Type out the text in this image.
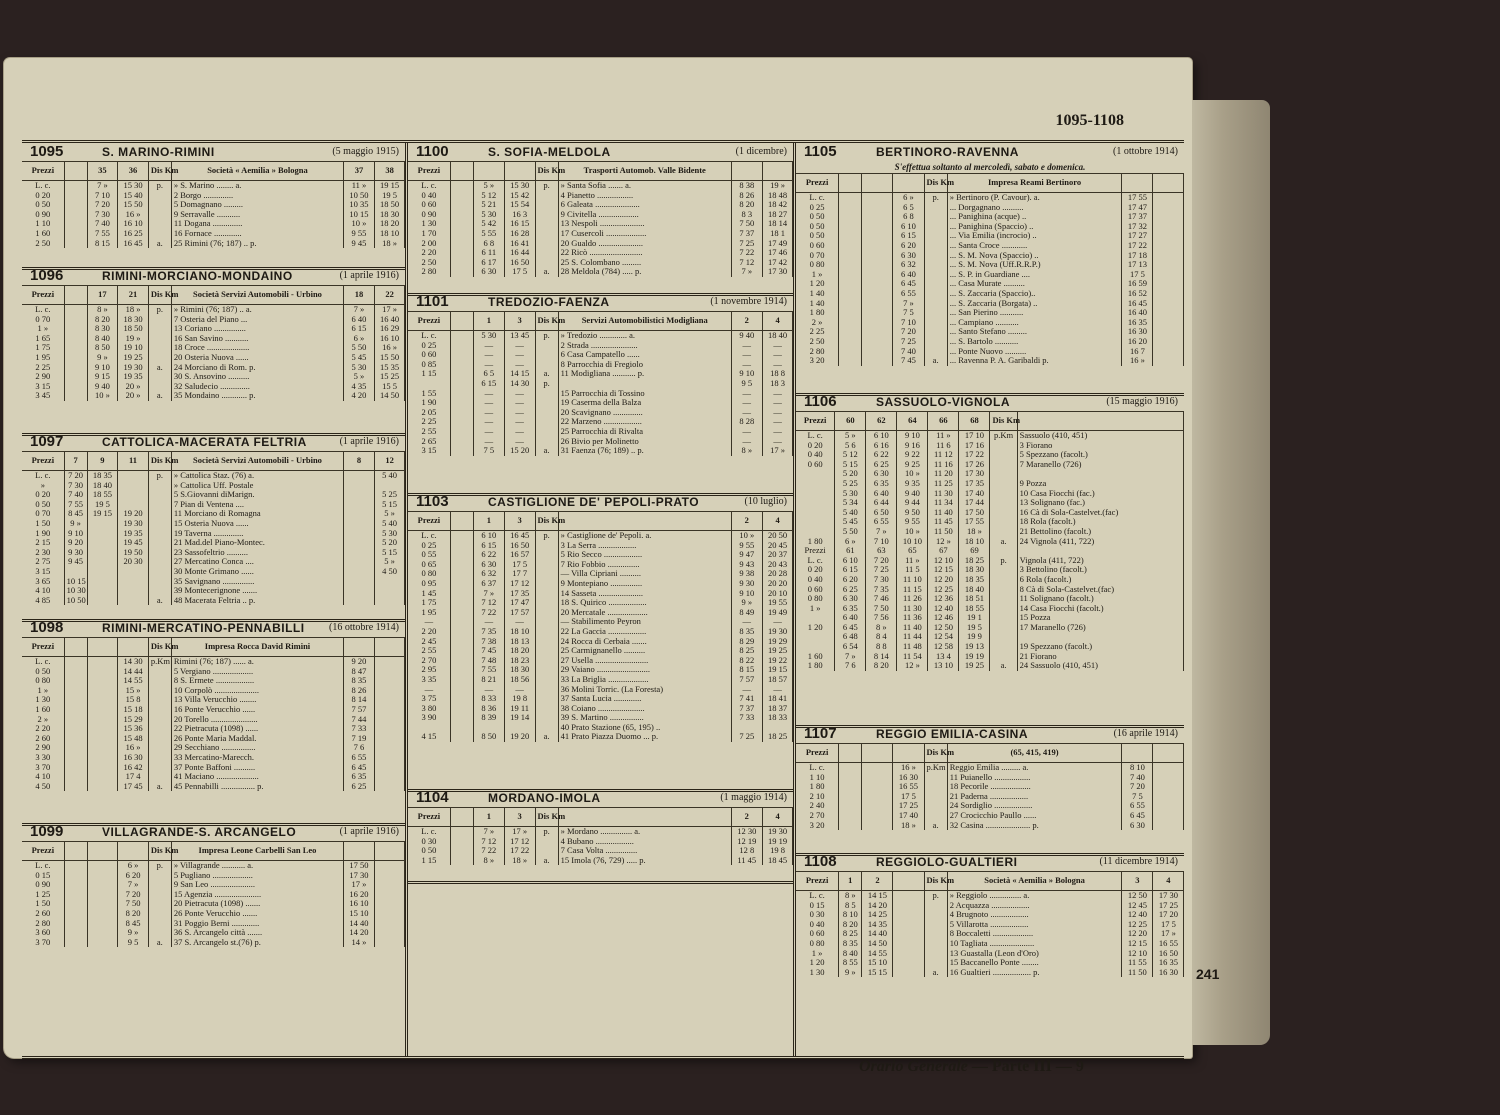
1095-1108
1095	S. MARINO-RIMINI	(5 maggio 1915)
Prezzi		35	36	Dis Km	Società « Aemilia » Bologna	37	38	
L. c.		7 »	15 30	p.	» S. Marino ........ a.	11 »	19 15	
0 20		7 10	15 40		2 Borgo ..............	10 50	19 5	
0 50		7 20	15 50		5 Domagnano .........	10 35	18 50	
0 90		7 30	16 »		9 Serravalle ...........	10 15	18 30	
1 10		7 40	16 10		11 Dogana ..............	10 »	18 20	
1 60		7 55	16 25		16 Fornace .............	9 55	18 10	
2 50		8 15	16 45	a.	25 Rimini (76; 187) .. p.	9 45	18 »	
1096	RIMINI-MORCIANO-MONDAINO	(1 aprile 1916)
Prezzi		17	21	Dis Km	Società Servizi Automobili - Urbino	18	22	
L. c.		8 »	18 »	p.	» Rimini (76; 187) .. a.	7 »	17 »	
0 70		8 20	18 30		7 Osteria del Piano ...	6 40	16 40	
1 »		8 30	18 50		13 Coriano ...............	6 15	16 29	
1 65		8 40	19 »		16 San Savino ...........	6 »	16 10	
1 75		8 50	19 10		18 Croce ....................	5 50	16 »	
1 95		9 »	19 25		20 Osteria Nuova ......	5 45	15 50	
2 25		9 10	19 30	a.	24 Morciano di Rom. p.	5 30	15 35	
2 90		9 15	19 35		30 S. Ansovino ..........	5 »	15 25	
3 15		9 40	20 »		32 Saludecio ..............	4 35	15 5	
3 45		10 »	20 »	a.	35 Mondaino ............ p.	4 20	14 50	
1097	CATTOLICA-MACERATA FELTRIA	(1 aprile 1916)
Prezzi	7	9	11	Dis Km	Società Servizi Automobili - Urbino	8	12	
L. c.	7 20	18 35		p.	» Cattolica Staz. (76) a.		5 40	
»	7 30	18 40			» Cattolica Uff. Postale			
0 20	7 40	18 55			5 S.Giovanni diMarign.		5 25	
0 50	7 55	19 5			7 Pian di Ventena ....		5 15	
0 70	8 45	19 15	19 20		11 Morciano di Romagna		5 »	
1 50	9 »		19 30		15 Osteria Nuova ......		5 40	
1 90	9 10		19 35		19 Taverna ..............		5 30	
2 15	9 20		19 45		21 Mad.del Piano-Montec.		5 20	
2 30	9 30		19 50		23 Sassofeltrio ..........		5 15	
2 75	9 45		20 30		27 Mercatino Conca ....		5 »	
3 15					30 Monte Grimano ......		4 50	
3 65	10 15				35 Savignano ...............			
4 10	10 30				39 Montecerignone .......			
4 85	10 50			a.	48 Macerata Feltria .. p.			
1098	RIMINI-MERCATINO-PENNABILLI (16 ottobre 1914)
Prezzi				Dis Km	Impresa Rocca David Rimini			
L. c.			14 30	p.Km	Rimini (76; 187) ...... a.	9 20		
0 50			14 44		5 Vergiano ...................	8 47		
0 80			14 55		8 S. Ermete ..................	8 35		
1 »			15 »		10 Corpolò .....................	8 26		
1 30			15 8		13 Villa Verucchio ........	8 14		
1 60			15 18		16 Ponte Verucchio ......	7 57		
2 »			15 29		20 Torello ......................	7 44		
2 20			15 36		22 Pietracuta (1098) ......	7 33		
2 60			15 48		26 Ponte Maria Maddal.	7 19		
2 90			16 »		29 Secchiano ................	7 6		
3 30			16 30		33 Mercatino-Marecch.	6 55		
3 70			16 42		37 Ponte Baffoni ..........	6 45		
4 10			17 4		41 Maciano ....................	6 35		
4 50			17 45	a.	45 Pennabilli ................ p.	6 25		
1099	VILLAGRANDE-S. ARCANGELO	(1 aprile 1916)
Prezzi				Dis Km	Impresa Leone Carbelli San Leo			
L. c.			6 »	p.	» Villagrande ........... a.	17 50		
0 15			6 20		5 Pugliano ...................	17 30		
0 90			7 »		9 San Leo .....................	17 »		
1 25			7 20		15 Agenzia ......................	16 20		
1 50			7 50		20 Pietracuta (1098) .......	16 10		
2 60			8 20		26 Ponte Verucchio .......	15 10		
2 80			8 45		31 Poggio Berni .............	14 40		
3 60			9 »		36 S. Arcangelo città .......	14 20		
3 70			9 5	a.	37 S. Arcangelo st.(76) p.	14 »		
1100	S. SOFIA-MELDOLA	(1 dicembre)
Prezzi				Dis Km	Trasporti Automob. Valle Bidente			
L. c.		5 »	15 30	p.	» Santa Sofia ....... a.	8 38	19 »	
0 40		5 12	15 42		4 Pianetto .................	8 26	18 48	
0 60		5 21	15 54		6 Galeata .....................	8 20	18 42	
0 90		5 30	16 3		9 Civitella ...................	8 3	18 27	
1 30		5 42	16 15		13 Nespoli .....................	7 50	18 14	
1 70		5 55	16 28		17 Cusercoli ...................	7 37	18 1	
2 00		6 8	16 41		20 Gualdo .....................	7 25	17 49	
2 20		6 11	16 44		22 Ricò .........................	7 22	17 46	
2 50		6 17	16 50		25 S. Colombano .........	7 12	17 42	
2 80		6 30	17 5	a.	28 Meldola (784) ..... p.	7 »	17 30	
1101	TREDOZIO-FAENZA	(1 novembre 1914)
Prezzi		1	3	Dis Km	Servizi Automobilistici Modigliana	2	4	
L. c.		5 30	13 45	p.	» Tredozio ............. a.	9 40	18 40	
0 25		—	—		2 Strada ......................	—	—	
0 60		—	—		6 Casa Campatello ......	—	—	
0 85		—	—		8 Parrocchia di Fregiolo	—	—	
1 15		6 5	14 15	a.	11 Modigliana ........... p.	9 10	18 8	
		6 15	14 30	p.		9 5	18 3	
1 55		—	—		15 Parrocchia di Tossino	—	—	
1 90		—	—		19 Caserma della Balza	—	—	
2 05		—	—		20 Scavignano ..............	—	—	
2 25		—	—		22 Marzeno ..................	8 28	—	
2 55		—	—		25 Parrocchia di Rivalta	—	—	
2 65		—	—		26 Bivio per Molinetto	—	—	
3 15		7 5	15 20	a.	31 Faenza (76; 189) .. p.	8 »	17 »	
1103	CASTIGLIONE DE' PEPOLI-PRATO	(10 luglio)
Prezzi		1	3	Dis Km		2	4	
L. c.		6 10	16 45	p.	» Castiglione de' Pepoli. a.	10 »	20 50	
0 25		6 15	16 50		3 La Serra ..................	9 55	20 45	
0 55		6 22	16 57		5 Rio Secco ..................	9 47	20 37	
0 65		6 30	17 5		7 Rio Fobbio ...............	9 43	20 43	
0 80		6 32	17 7		— Villa Cipriani ..........	9 38	20 28	
0 95		6 37	17 12		9 Montepiano ...............	9 30	20 20	
1 45		7 »	17 35		14 Sasseta .....................	9 10	20 10	
1 75		7 12	17 47		18 S. Quirico ..................	9 »	19 55	
1 95		7 22	17 57		20 Mercatale ...................	8 49	19 49	
—		—	—		— Stabilimento Peyron	—	—	
2 20		7 35	18 10		22 La Gaccia ..................	8 35	19 30	
2 45		7 38	18 13		24 Rocca di Cerbaia .......	8 29	19 29	
2 55		7 45	18 20		25 Carmignanello ..........	8 25	19 25	
2 70		7 48	18 23		27 Usella .........................	8 22	19 22	
2 95		7 55	18 30		29 Vaiano .........................	8 15	19 15	
3 35		8 21	18 56		33 La Briglia ...................	7 57	18 57	
—		—	—		36 Molini Torric. (La Foresta)	—	—	
3 75		8 33	19 8		37 Santa Lucia .............	7 41	18 41	
3 80		8 36	19 11		38 Coiano ......................	7 37	18 37	
3 90		8 39	19 14		39 S. Martino ................	7 33	18 33	
					40 Prato Stazione (65, 195) ..			
4 15		8 50	19 20	a.	41 Prato Piazza Duomo ... p.	7 25	18 25	
1104	MORDANO-IMOLA	(1 maggio 1914)
Prezzi		1	3	Dis Km		2	4	
L. c.		7 »	17 »	p.	» Mordano ............... a.	12 30	19 30	
0 30		7 12	17 12		4 Bubano ..................	12 19	19 19	
0 50		7 22	17 22		7 Casa Volta ...............	12 8	19 8	
1 15		8 »	18 »	a.	15 Imola (76, 729) ..... p.	11 45	18 45	
1105	BERTINORO-RAVENNA	(1 ottobre 1914)
S'effettua soltanto al mercoledì, sabato e domenica.
Prezzi				Dis Km	Impresa Reami Bertinoro			
L. c.			6 »	p.	» Bertinoro (P. Cavour). a.	17 55		
0 25			6 5		... Dorgagnano ..........	17 47		
0 50			6 8		... Panighina (acque) ..	17 37		
0 50			6 10		... Panighina (Spaccio) ..	17 32		
0 50			6 15		... Via Emilia (incrocio) ..	17 27		
0 60			6 20		... Santa Croce ............	17 22		
0 70			6 30		... S. M. Nova (Spaccio) ..	17 18		
0 80			6 32		... S. M. Nova (Uff.R.R.P.)	17 13		
1 »			6 40		... S. P. in Guardiane ....	17 5		
1 20			6 45		... Casa Murate ..........	16 59		
1 40			6 55		... S. Zaccaria (Spaccio)..	16 52		
1 40			7 »		... S. Zaccaria (Borgata) ..	16 45		
1 80			7 5		... San Pierino ...........	16 40		
2 »			7 10		... Campiano ...........	16 35		
2 25			7 20		... Santo Stefano .........	16 30		
2 50			7 25		... S. Bartolo ...........	16 20		
2 80			7 40		... Ponte Nuovo ..........	16 7		
3 20			7 45	a.	... Ravenna P. A. Garibaldi p.	16 »		
1106	SASSUOLO-VIGNOLA	(15 maggio 1916)
Prezzi	60	62	64	66	68	Dis Km		
L. c.	5 »	6 10	9 10	11 »	17 10	p.Km	Sassuolo (410, 451)	
0 20	5 6	6 16	9 16	11 6	17 16		3 Fiorano	
0 40	5 12	6 22	9 22	11 12	17 22		5 Spezzano (facolt.)	
0 60	5 15	6 25	9 25	11 16	17 26		7 Maranello (726)	
	5 20	6 30	10 »	11 20	17 30			
	5 25	6 35	9 35	11 25	17 35		9 Pozza	
	5 30	6 40	9 40	11 30	17 40		10 Casa Fiocchi (fac.)	
	5 34	6 44	9 44	11 34	17 44		13 Solignano (fac.)	
	5 40	6 50	9 50	11 40	17 50		16 Cà di Sola-Castelvet.(fac)	
	5 45	6 55	9 55	11 45	17 55		18 Rola (facolt.)	
	5 50	7 »	10 »	11 50	18 »		21 Bettolino (facolt.)	
1 80	6 »	7 10	10 10	12 »	18 10	a.	24 Vignola (411, 722)	
Prezzi	61	63	65	67	69			
L. c.	6 10	7 20	11 »	12 10	18 25	p.	Vignola (411, 722)	
0 20	6 15	7 25	11 5	12 15	18 30		3 Bettolino (facolt.)	
0 40	6 20	7 30	11 10	12 20	18 35		6 Rola (facolt.)	
0 60	6 25	7 35	11 15	12 25	18 40		8 Cà di Sola-Castelvet.(fac)	
0 80	6 30	7 46	11 26	12 36	18 51		11 Solignano (facolt.)	
1 »	6 35	7 50	11 30	12 40	18 55		14 Casa Fiocchi (facolt.)	
	6 40	7 56	11 36	12 46	19 1		15 Pozza	
1 20	6 45	8 »	11 40	12 50	19 5		17 Maranello (726)	
	6 48	8 4	11 44	12 54	19 9			
	6 54	8 8	11 48	12 58	19 13		19 Spezzano (facolt.)	
1 60	7 »	8 14	11 54	13 4	19 19		21 Fiorano	
1 80	7 6	8 20	12 »	13 10	19 25	a.	24 Sassuolo (410, 451)	
1107	REGGIO EMILIA-CASINA	(16 aprile 1914)
Prezzi				Dis Km	(65, 415, 419)			
L. c.			16 »	p.Km	Reggio Emilia ......... a.	8 10		
1 10			16 30		11 Puianello .................	7 40		
1 80			16 55		18 Pecorile ...................	7 20		
2 10			17 5		21 Paderna ..................	7 5		
2 40			17 25		24 Sordiglio ..................	6 55		
2 70			17 40		27 Crocicchio Paullo ......	6 45		
3 20			18 »	a.	32 Casina ..................... p.	6 30		
1108	REGGIOLO-GUALTIERI	(11 dicembre 1914)
Prezzi	1	2		Dis Km	Società « Aemilia » Bologna	3	4	
L. c.	8 »	14 15		p.	» Reggiolo ............... a.	12 50	17 30	
0 15	8 5	14 20			2 Acquazza ..................	12 45	17 25	
0 30	8 10	14 25			4 Brugnoto ..................	12 40	17 20	
0 40	8 20	14 35			5 Villarotta ..................	12 25	17 5	
0 60	8 25	14 40			8 Boccaletti ...................	12 20	17 »	
0 80	8 35	14 50			10 Tagliata .....................	12 15	16 55	
1 »	8 40	14 55			13 Guastalla (Leon d'Oro)	12 10	16 50	
1 20	8 55	15 10			15 Baccanello Ponte ........	11 55	16 35	
1 30	9 »	15 15		a.	16 Gualtieri .................. p.	11 50	16 30	
Orario Generale — Parte III — 9
241
